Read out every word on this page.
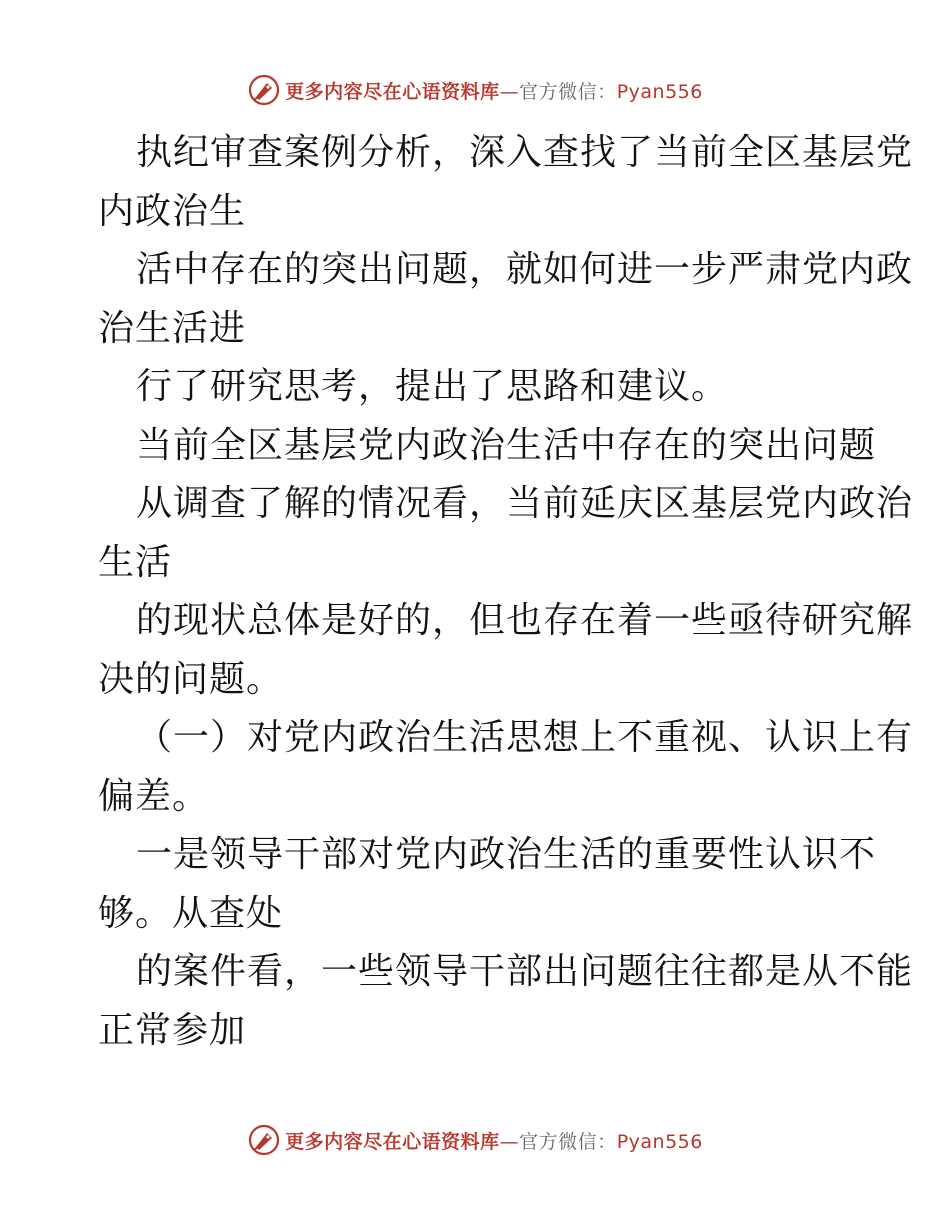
更多内容尽在心语资料库—官方微信：Pyan556
执纪审查案例分析，深入查找了当前全区基层党
内政治生
活中存在的突出问题，就如何进一步严肃党内政
治生活进
行了研究思考，提出了思路和建议。
当前全区基层党内政治生活中存在的突出问题
从调查了解的情况看，当前延庆区基层党内政治
生活
的现状总体是好的，但也存在着一些亟待研究解
决的问题。
（一）对党内政治生活思想上不重视、认识上有
偏差。
一是领导干部对党内政治生活的重要性认识不
够。从查处
的案件看，一些领导干部出问题往往都是从不能
正常参加
更多内容尽在心语资料库—官方微信：Pyan556
